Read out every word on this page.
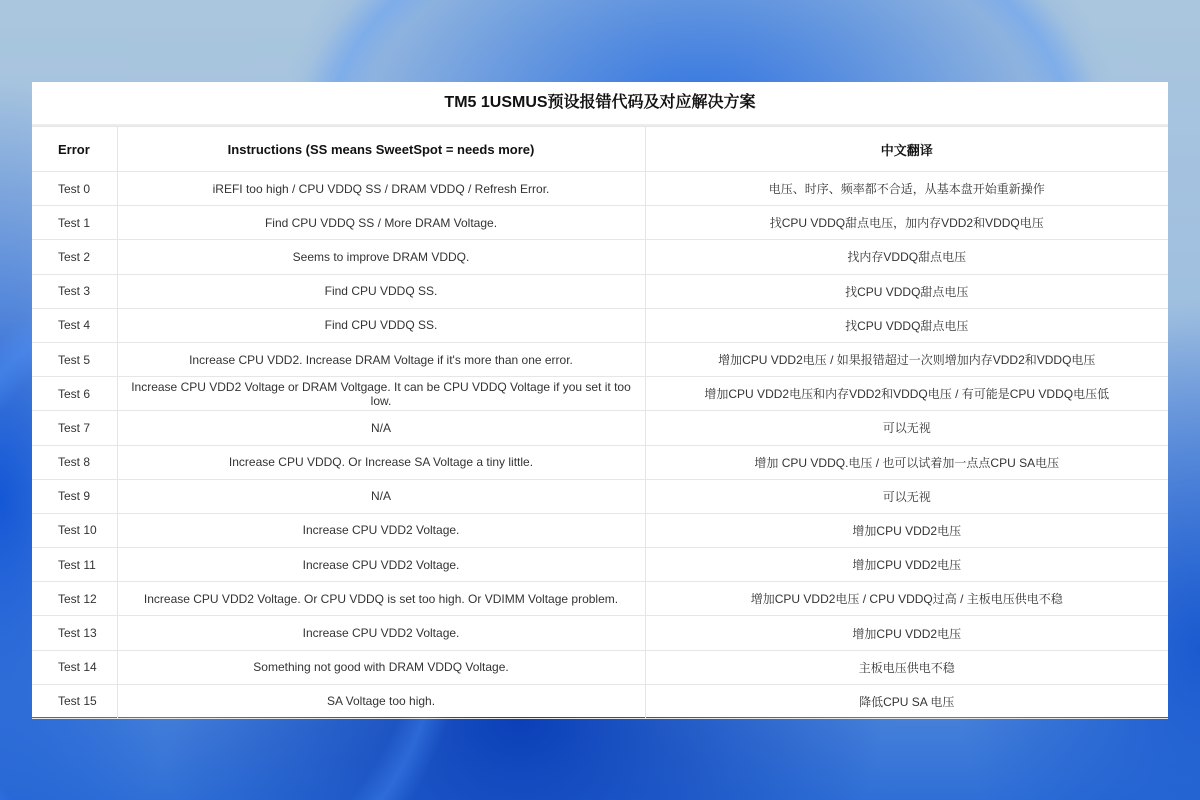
TM5 1USMUS预设报错代码及对应解决方案
Error	Instructions (SS means SweetSpot = needs more)	中文翻译
Test 0	iREFI too high / CPU VDDQ SS / DRAM VDDQ / Refresh Error.	电压、时序、频率都不合适，从基本盘开始重新操作
Test 1	Find CPU VDDQ SS / More DRAM Voltage.	找CPU VDDQ甜点电压，加内存VDD2和VDDQ电压
Test 2	Seems to improve DRAM VDDQ.	找内存VDDQ甜点电压
Test 3	Find CPU VDDQ SS.	找CPU VDDQ甜点电压
Test 4	Find CPU VDDQ SS.	找CPU VDDQ甜点电压
Test 5	Increase CPU VDD2. Increase DRAM Voltage if it's more than one error.	增加CPU VDD2电压 / 如果报错超过一次则增加内存VDD2和VDDQ电压
Test 6	Increase CPU VDD2 Voltage or DRAM Voltgage. It can be CPU VDDQ Voltage if you set it too low.	增加CPU VDD2电压和内存VDD2和VDDQ电压 / 有可能是CPU VDDQ电压低
Test 7	N/A	可以无视
Test 8	Increase CPU VDDQ. Or Increase SA Voltage a tiny little.	增加 CPU VDDQ.电压 / 也可以试着加一点点CPU SA电压
Test 9	N/A	可以无视
Test 10	Increase CPU VDD2 Voltage.	增加CPU VDD2电压
Test 11	Increase CPU VDD2 Voltage.	增加CPU VDD2电压
Test 12	Increase CPU VDD2 Voltage. Or CPU VDDQ is set too high. Or VDIMM Voltage problem.	增加CPU VDD2电压 / CPU VDDQ过高 / 主板电压供电不稳
Test 13	Increase CPU VDD2 Voltage.	增加CPU VDD2电压
Test 14	Something not good with DRAM VDDQ Voltage.	主板电压供电不稳
Test 15	SA Voltage too high.	降低CPU SA 电压
